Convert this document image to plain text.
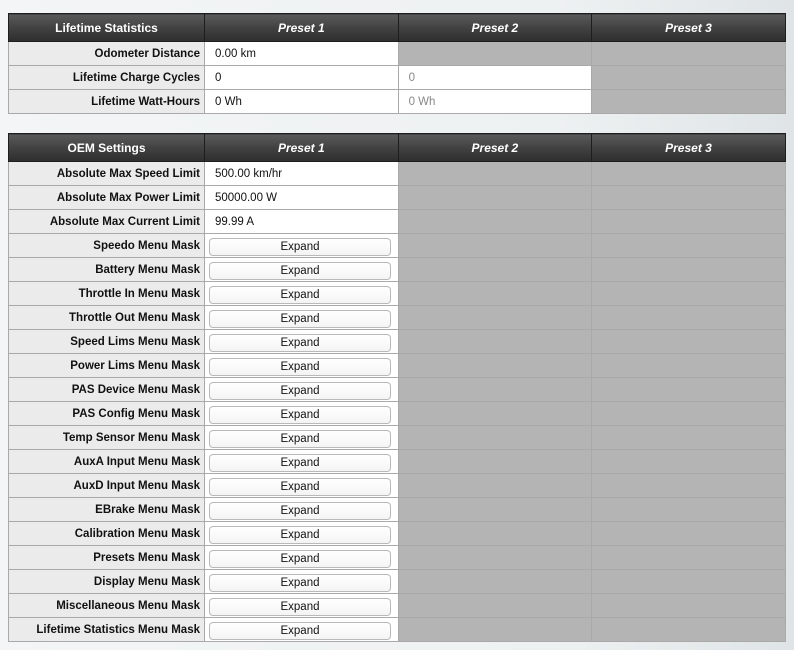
Lifetime Statistics	Preset 1	Preset 2	Preset 3
Odometer Distance	0.00 km		
Lifetime Charge Cycles	0	0	
Lifetime Watt-Hours	0 Wh	0 Wh	
OEM Settings	Preset 1	Preset 2	Preset 3
Absolute Max Speed Limit	500.00 km/hr		
Absolute Max Power Limit	50000.00 W		
Absolute Max Current Limit	99.99 A		
Speedo Menu Mask	Expand		

Battery Menu Mask	Expand		

Throttle In Menu Mask	Expand		

Throttle Out Menu Mask	Expand		

Speed Lims Menu Mask	Expand		

Power Lims Menu Mask	Expand		

PAS Device Menu Mask	Expand		

PAS Config Menu Mask	Expand		

Temp Sensor Menu Mask	Expand		

AuxA Input Menu Mask	Expand		

AuxD Input Menu Mask	Expand		

EBrake Menu Mask	Expand		

Calibration Menu Mask	Expand		

Presets Menu Mask	Expand		

Display Menu Mask	Expand		

Miscellaneous Menu Mask	Expand		

Lifetime Statistics Menu Mask	Expand		
